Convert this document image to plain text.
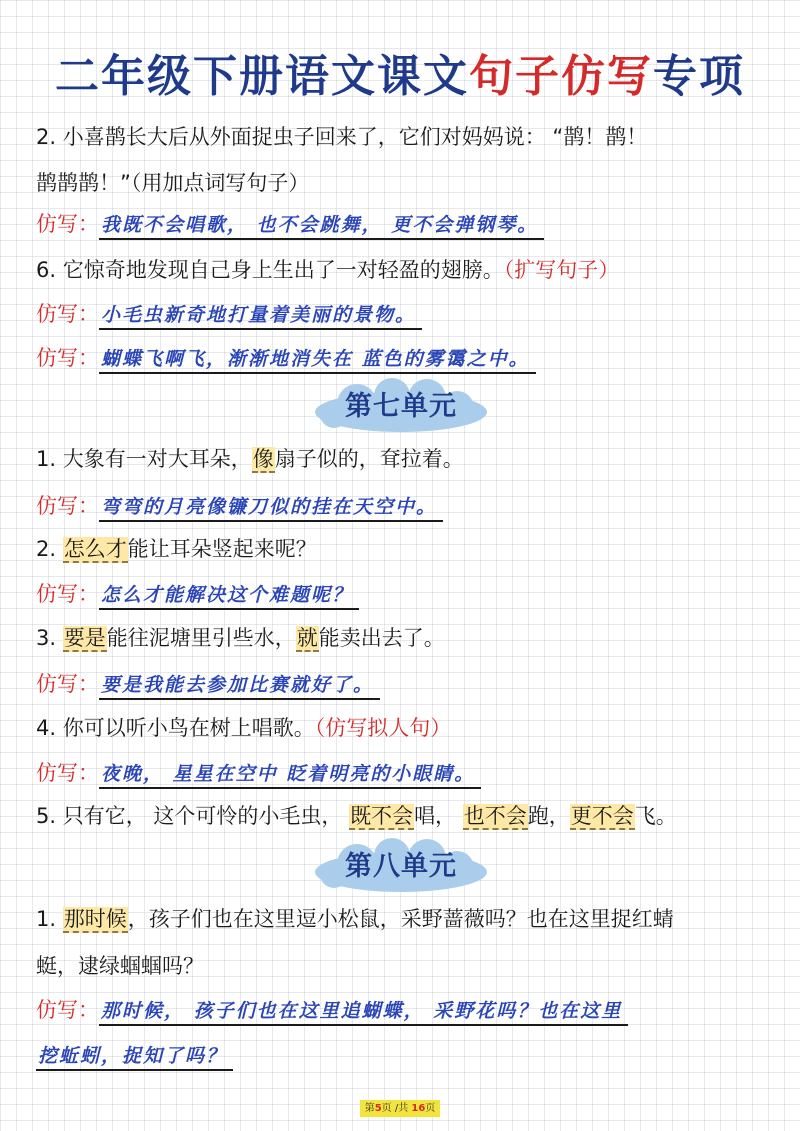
二年级下册语文课文句子仿写专项
2. 小喜鹊长大后从外面捉虫子回来了，它们对妈妈说： “鹊！鹊！
鹊鹊鹊！”（用加点词写句子）
仿写： 我既不会唱歌， 也不会跳舞， 更不会弹钢琴。
6. 它惊奇地发现自己身上生出了一对轻盈的翅膀。（扩写句子）
仿写： 小毛虫新奇地打量着美丽的景物。
仿写： 蝴蝶飞啊飞，渐渐地消失在 蓝色的雾霭之中。
第七单元
1. 大象有一对大耳朵，像扇子似的，耷拉着。
仿写： 弯弯的月亮像镰刀似的挂在天空中。
2. 怎么才能让耳朵竖起来呢？
仿写： 怎么才能解决这个难题呢？
3. 要是能往泥塘里引些水，就能卖出去了。
仿写： 要是我能去参加比赛就好了。
4. 你可以听小鸟在树上唱歌。（仿写拟人句）
仿写： 夜晚， 星星在空中 眨着明亮的小眼睛。
5. 只有它， 这个可怜的小毛虫， 既不会唱， 也不会跑，更不会飞。
第八单元
1. 那时候，孩子们也在这里逗小松鼠，采野蔷薇吗？也在这里捉红蜻
蜓，逮绿蝈蝈吗？
仿写： 那时候， 孩子们也在这里追蝴蝶， 采野花吗？也在这里
挖蚯蚓，捉知了吗？
第5页 /共 16页
